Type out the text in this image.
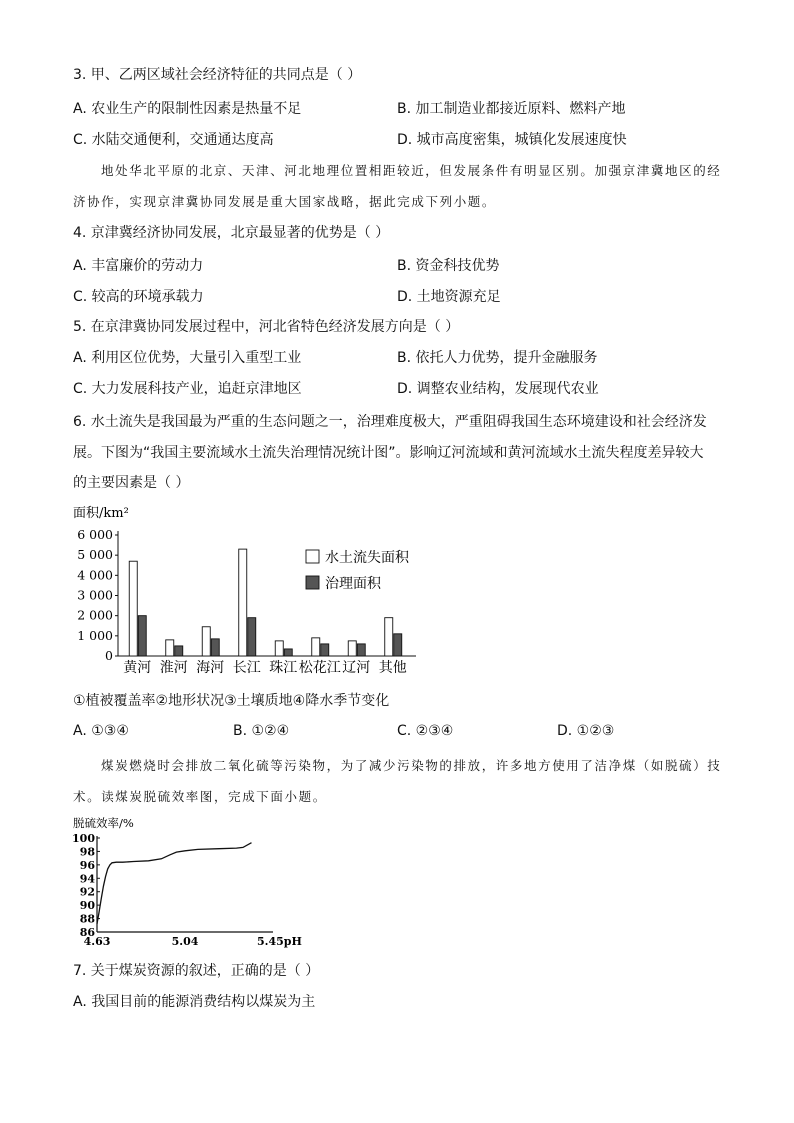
3. 甲、乙两区域社会经济特征的共同点是（ ）
A. 农业生产的限制性因素是热量不足	B. 加工制造业都接近原料、燃料产地
C. 水陆交通便利，交通通达度高	D. 城市高度密集，城镇化发展速度快
地处华北平原的北京、天津、河北地理位置相距较近，但发展条件有明显区别。加强京津冀地区的经
济协作，实现京津冀协同发展是重大国家战略，据此完成下列小题。
4. 京津冀经济协同发展，北京最显著的优势是（ ）
A. 丰富廉价的劳动力	B. 资金科技优势
C. 较高的环境承载力	D. 土地资源充足
5. 在京津冀协同发展过程中，河北省特色经济发展方向是（ ）
A. 利用区位优势，大量引入重型工业	B. 依托人力优势，提升金融服务
C. 大力发展科技产业，追赶京津地区	D. 调整农业结构，发展现代农业
6. 水土流失是我国最为严重的生态问题之一，治理难度极大，严重阻碍我国生态环境建设和社会经济发
展。下图为“我国主要流域水土流失治理情况统计图”。影响辽河流域和黄河流域水土流失程度差异较大
的主要因素是（ ）
面积/km²
0
1 000
2 000
3 000
4 000
5 000
6 000
黄河 淮河 海河 长江 珠江 松花江 辽河 其他
水土流失面积
治理面积
①植被覆盖率②地形状况③土壤质地④降水季节变化
A. ①③④	B. ①②④	C. ②③④	D. ①②③
煤炭燃烧时会排放二氧化硫等污染物，为了减少污染物的排放，许多地方使用了洁净煤（如脱硫）技
术。读煤炭脱硫效率图，完成下面小题。
脱硫效率/%
86
88
90
92
94
96
98
100
4.63	5.04	5.45pH
7. 关于煤炭资源的叙述，正确的是（ ）
A. 我国目前的能源消费结构以煤炭为主
